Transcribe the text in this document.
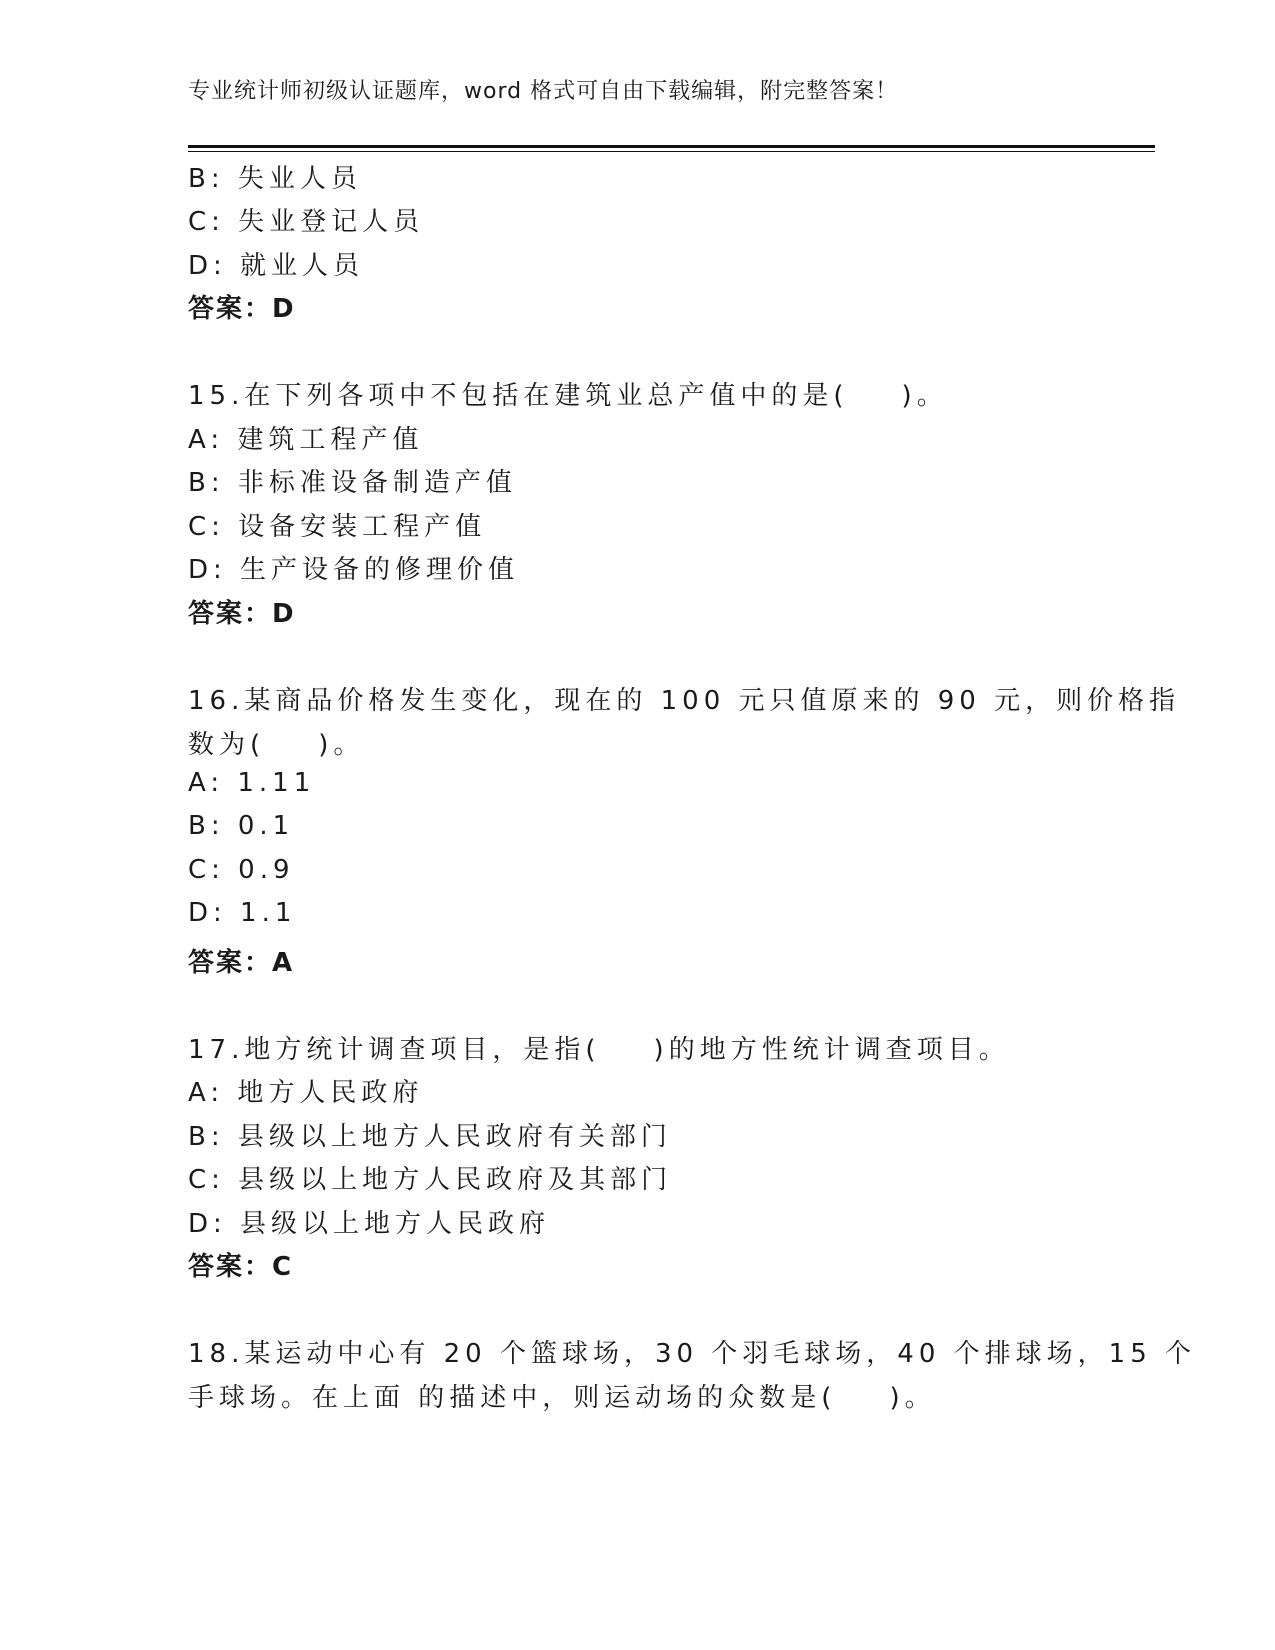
专业统计师初级认证题库，word 格式可自由下载编辑，附完整答案！
B: 失业人员
C: 失业登记人员
D: 就业人员
答案：D
15.在下列各项中不包括在建筑业总产值中的是(    )。
A: 建筑工程产值
B: 非标准设备制造产值
C: 设备安装工程产值
D: 生产设备的修理价值
答案：D
16.某商品价格发生变化，现在的 100 元只值原来的 90 元，则价格指
数为(    )。
A: 1.11
B: 0.1
C: 0.9
D: 1.1
答案：A
17.地方统计调查项目，是指(    )的地方性统计调查项目。
A: 地方人民政府
B: 县级以上地方人民政府有关部门
C: 县级以上地方人民政府及其部门
D: 县级以上地方人民政府
答案：C
18.某运动中心有 20 个篮球场，30 个羽毛球场，40 个排球场，15 个
手球场。在上面 的描述中，则运动场的众数是(    )。
